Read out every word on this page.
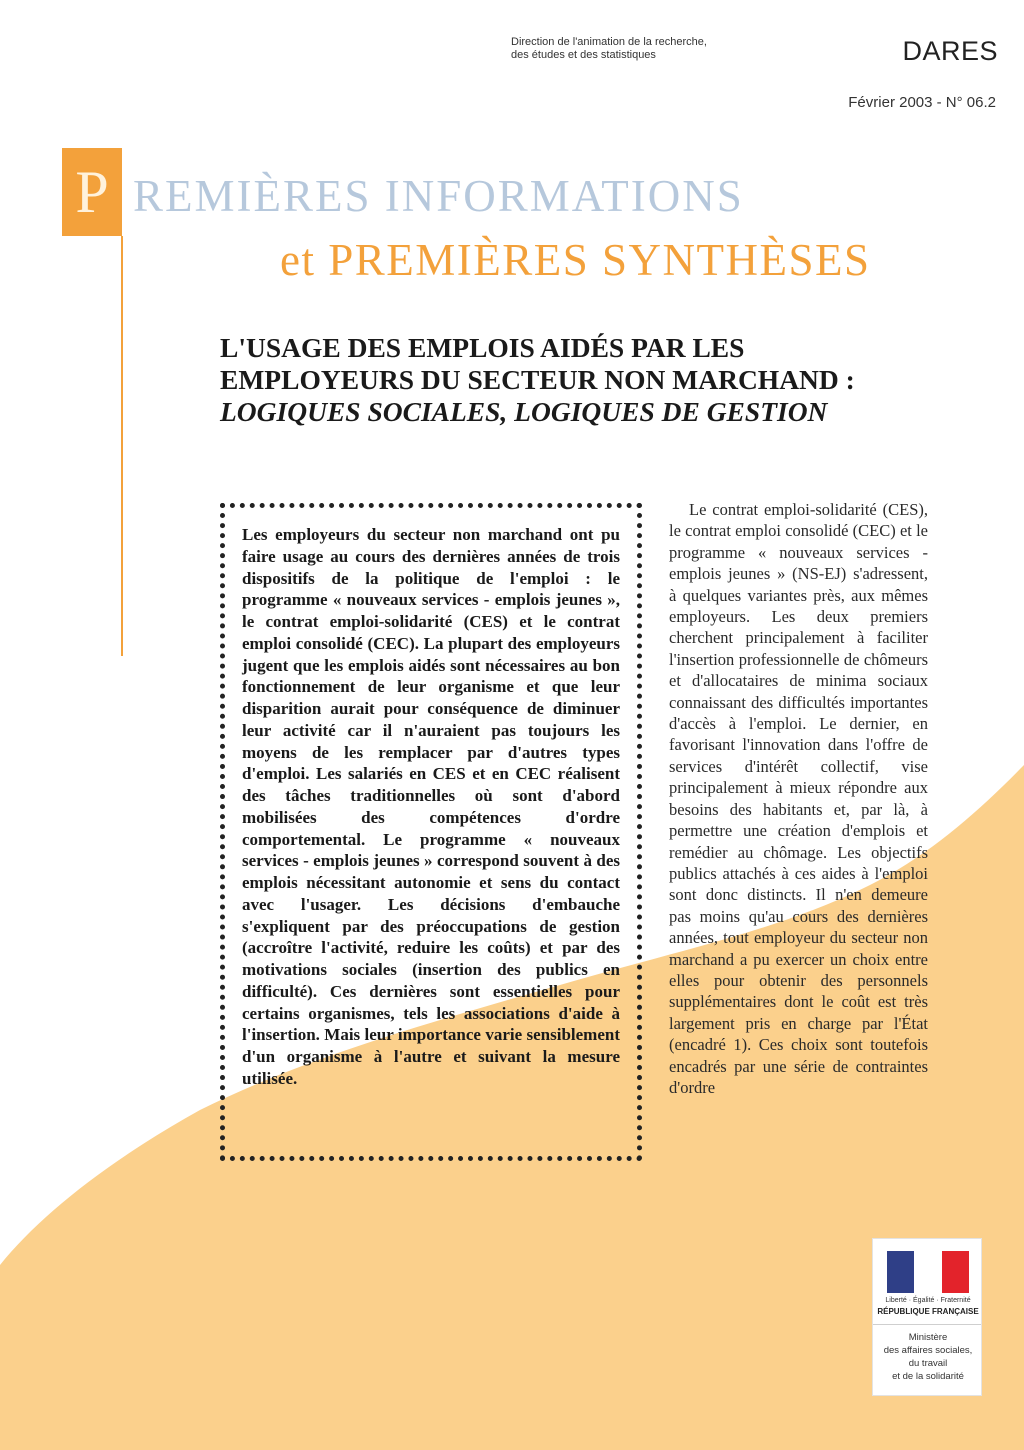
Direction de l'animation de la recherche,
des études et des statistiques	DARES
Février 2003 - N° 06.2
P REMIÈRES INFORMATIONS
et PREMIÈRES SYNTHÈSES
L'USAGE DES EMPLOIS AIDÉS PAR LES
EMPLOYEURS DU SECTEUR NON MARCHAND :
LOGIQUES SOCIALES, LOGIQUES DE GESTION
Les employeurs du secteur non marchand ont pu faire usage au cours des dernières années de trois dispositifs de la politique de l'emploi : le programme « nouveaux services - emplois jeunes », le contrat emploi-solidarité (CES) et le contrat emploi consolidé (CEC). La plupart des employeurs jugent que les emplois aidés sont nécessaires au bon fonctionnement de leur organisme et que leur disparition aurait pour conséquence de diminuer leur activité car il n'auraient pas toujours les moyens de les remplacer par d'autres types d'emploi. Les salariés en CES et en CEC réalisent des tâches traditionnelles où sont d'abord mobilisées des compétences d'ordre comportemental. Le programme « nouveaux services - emplois jeunes » correspond souvent à des emplois nécessitant autonomie et sens du contact avec l'usager. Les décisions d'embauche s'expliquent par des préoccupations de gestion (accroître l'activité, reduire les coûts) et par des motivations sociales (insertion des publics en difficulté). Ces dernières sont essentielles pour certains organismes, tels les associations d'aide à l'insertion. Mais leur importance varie sensiblement d'un organisme à l'autre et suivant la mesure utilisée.
Le contrat emploi-solidarité (CES), le contrat emploi consolidé (CEC) et le programme « nouveaux services - emplois jeunes » (NS-EJ) s'adressent, à quelques variantes près, aux mêmes employeurs. Les deux premiers cherchent principalement à faciliter l'insertion professionnelle de chômeurs et d'allocataires de minima sociaux connaissant des difficultés importantes d'accès à l'emploi. Le dernier, en favorisant l'innovation dans l'offre de services d'intérêt collectif, vise principalement à mieux répondre aux besoins des habitants et, par là, à permettre une création d'emplois et remédier au chômage. Les objectifs publics attachés à ces aides à l'emploi sont donc distincts. Il n'en demeure pas moins qu'au cours des dernières années, tout employeur du secteur non marchand a pu exercer un choix entre elles pour obtenir des personnels supplémentaires dont le coût est très largement pris en charge par l'État (encadré 1). Ces choix sont toutefois encadrés par une série de contraintes d'ordre
Liberté · Égalité · Fraternité
RÉPUBLIQUE FRANÇAISE
Ministère
des affaires sociales,
du travail
et de la solidarité
